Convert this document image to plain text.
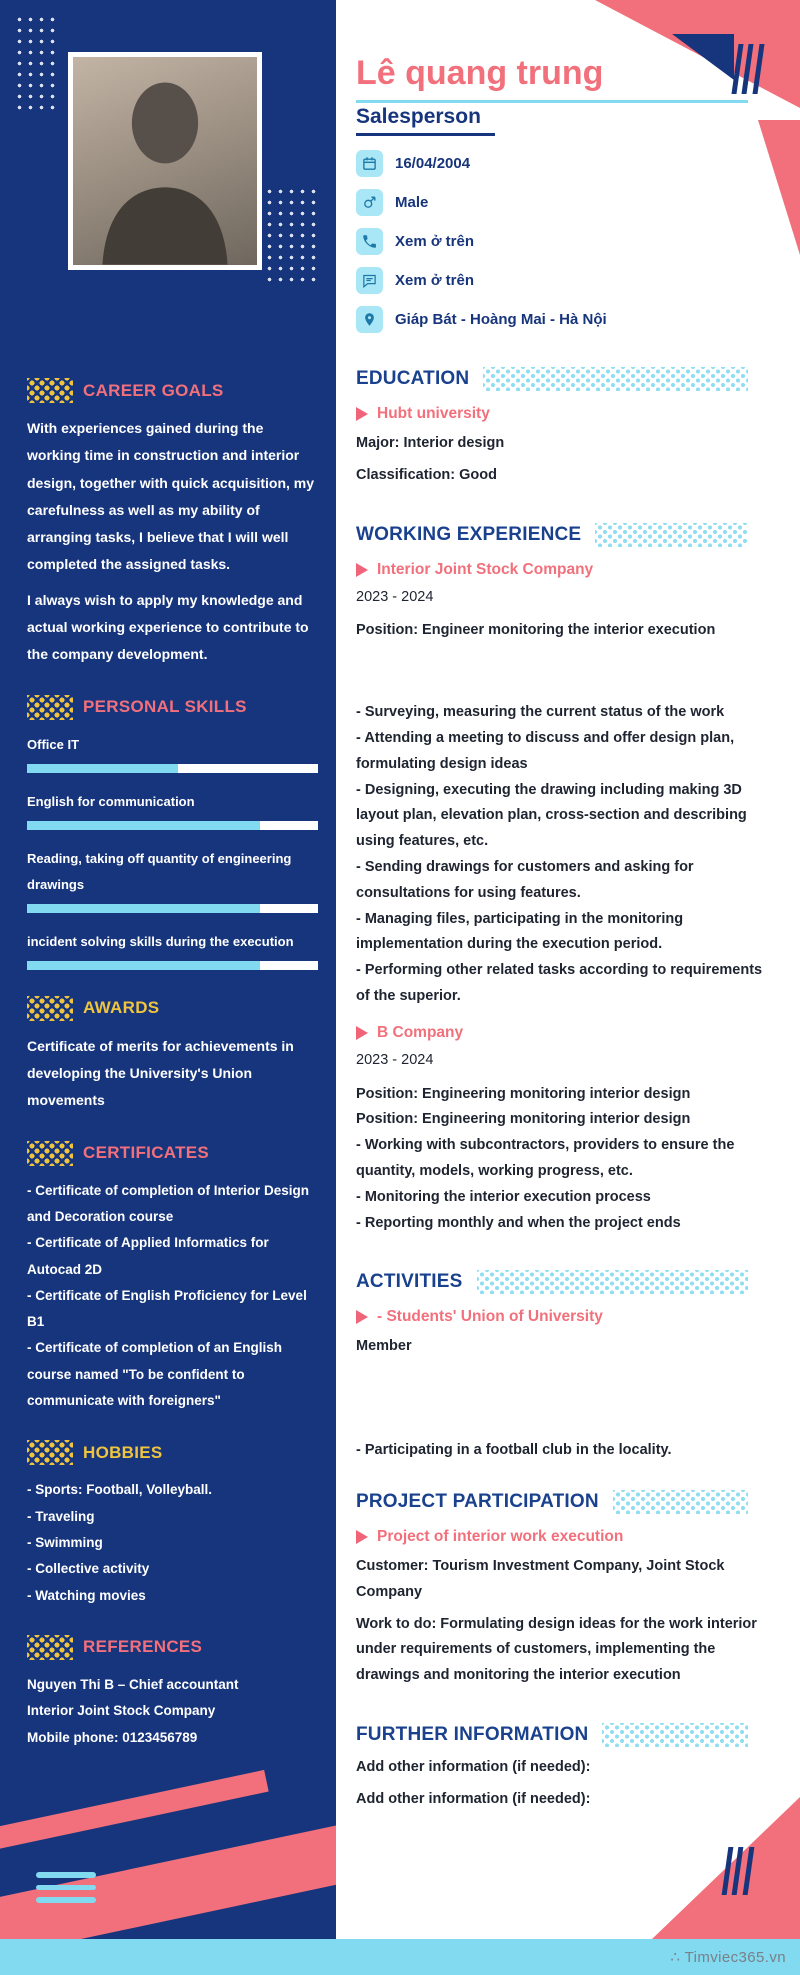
CAREER GOALS

With experiences gained during the working time in construction and interior design, together with quick acquisition, my carefulness as well as my ability of arranging tasks, I believe that I will well completed the assigned tasks.

I always wish to apply my knowledge and actual working experience to contribute to the company development.

PERSONAL SKILLS
Office IT
English for communication
Reading, taking off quantity of engineering drawings
incident solving skills during the execution
AWARDS

Certificate of merits for achievements in developing the University's Union movements

CERTIFICATES
- Certificate of completion of Interior Design and Decoration course
- Certificate of Applied Informatics for Autocad 2D
- Certificate of English Proficiency for Level B1
- Certificate of completion of an English course named "To be confident to communicate with foreigners"
HOBBIES
- Sports: Football, Volleyball.
- Traveling
- Swimming
- Collective activity
- Watching movies
REFERENCES
Nguyen Thi B – Chief accountant
Interior Joint Stock Company
Mobile phone: 0123456789
Lê quang trung
Salesperson
16/04/2004
Male
Xem ở trên
Xem ở trên
Giáp Bát - Hoàng Mai - Hà Nội
EDUCATION
Hubt university
Major: Interior design
Classification: Good
WORKING EXPERIENCE
Interior Joint Stock Company
2023 - 2024
Position: Engineer monitoring the interior execution
- Surveying, measuring the current status of the work
- Attending a meeting to discuss and offer design plan, formulating design ideas
- Designing, executing the drawing including making 3D layout plan, elevation plan, cross-section and describing using features, etc.
- Sending drawings for customers and asking for consultations for using features.
- Managing files, participating in the monitoring implementation during the execution period.
- Performing other related tasks according to requirements of the superior.
B Company
2023 - 2024
Position: Engineering monitoring interior design
Position: Engineering monitoring interior design
- Working with subcontractors, providers to ensure the quantity, models, working progress, etc.
- Monitoring the interior execution process
- Reporting monthly and when the project ends
ACTIVITIES
- Students' Union of University
Member
- Participating in a football club in the locality.
PROJECT PARTICIPATION
Project of interior work execution
Customer: Tourism Investment Company, Joint Stock Company
Work to do: Formulating design ideas for the work interior under requirements of customers, implementing the drawings and monitoring the interior execution
FURTHER INFORMATION
Add other information (if needed):
Add other information (if needed):
∴ Timviec365.vn
